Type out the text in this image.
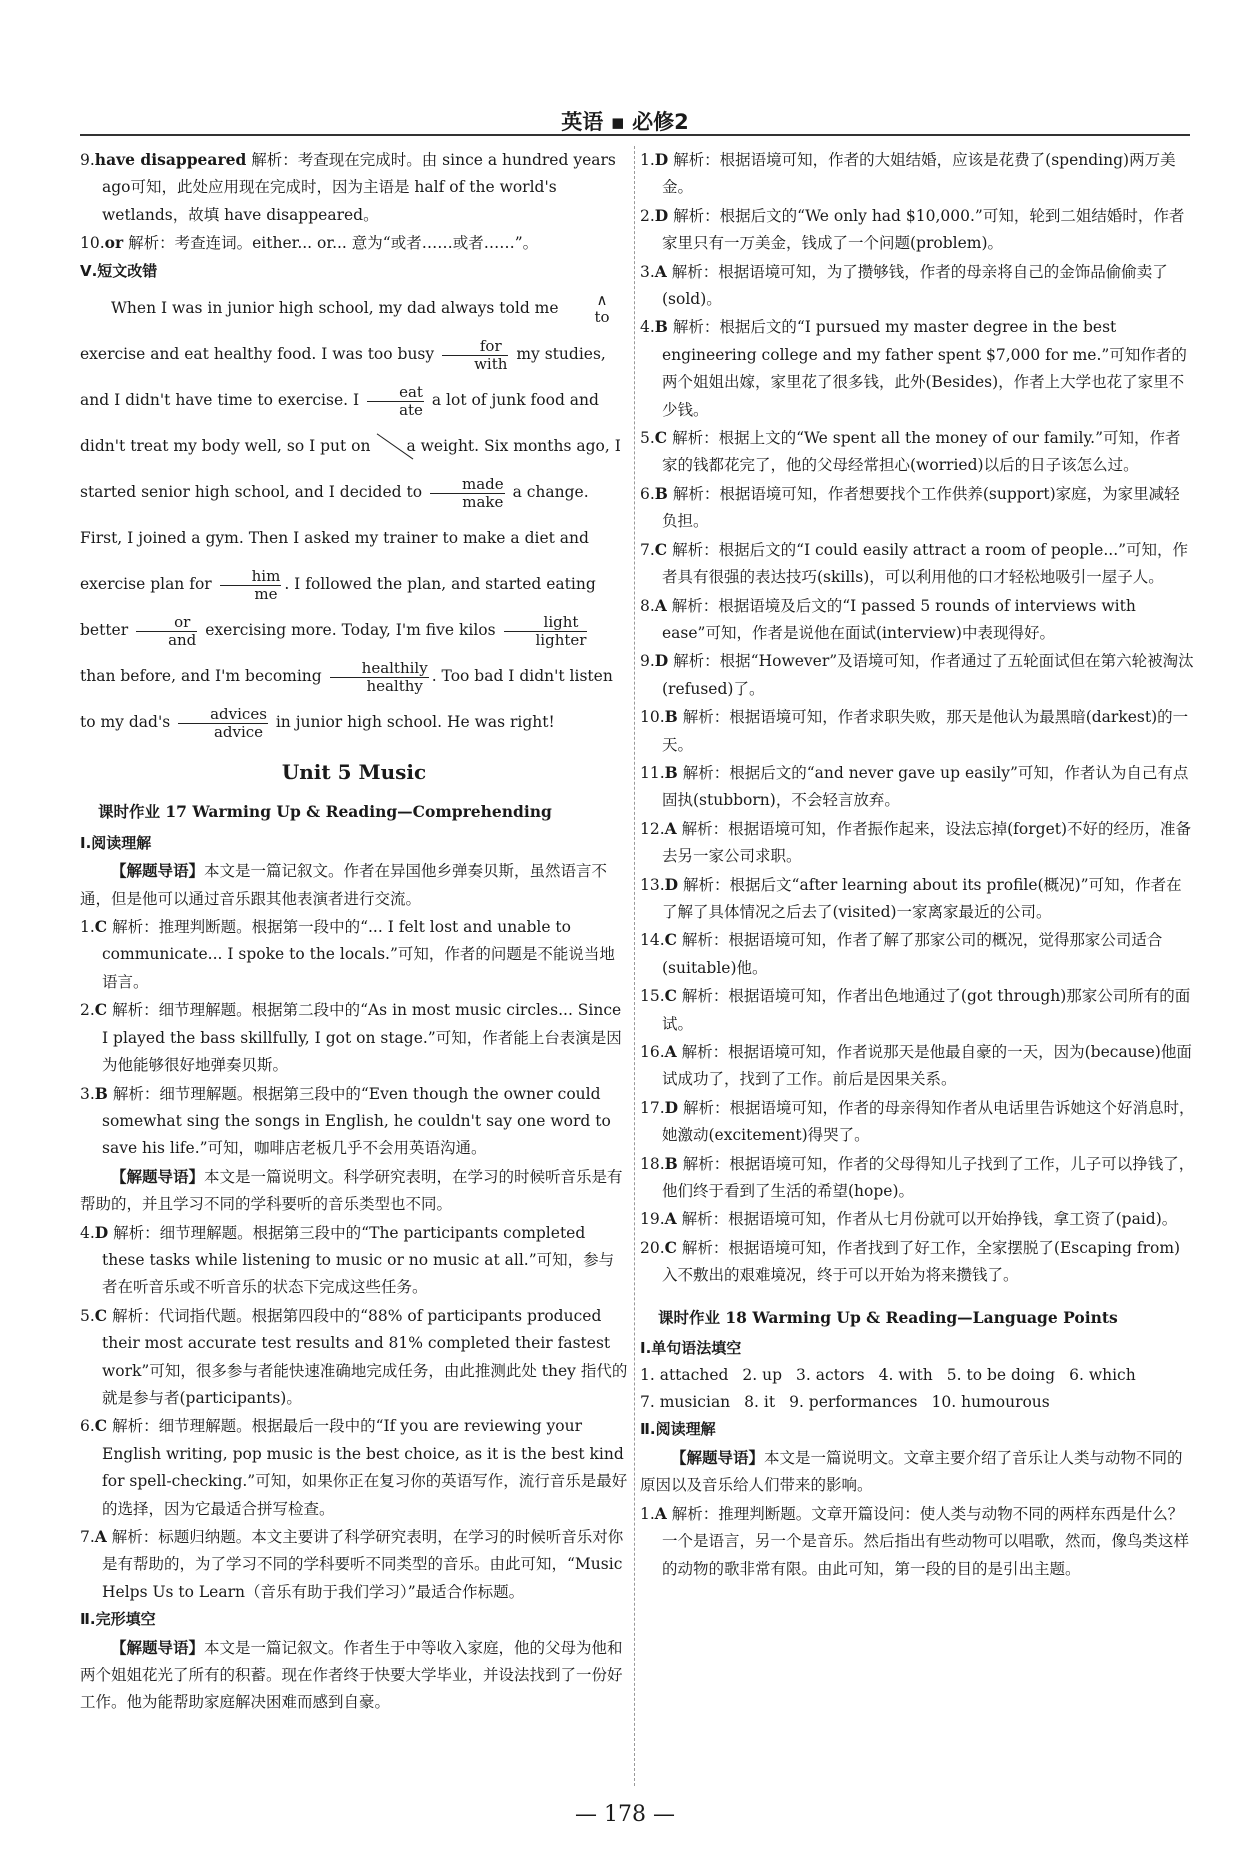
英语 ▪ 必修2

9.have disappeared 解析：考查现在完成时。由 since a hundred years ago可知，此处应用现在完成时，因为主语是 half of the world's wetlands，故填 have disappeared。

10.or 解析：考查连词。either... or... 意为“或者……或者……”。

Ⅴ.短文改错

When I was in junior high school, my dad always told me	∧
to
exercise and eat healthy food. I was too busy $\frac{\text{for}}{\text{with}}$ my studies, and I didn't have time to exercise. I $\frac{\text{eat}}{\text{ate}}$ a lot of junk food and didn't treat my body well, so I put on a weight. Six months ago, I started senior high school, and I decided to $\frac{\text{made}}{\text{make}}$ a change. First, I joined a gym. Then I asked my trainer to make a diet and exercise plan for $\frac{\text{him}}{me}$ . I followed the plan, and started eating better $\frac{or}{\text{and}}$ exercising more. Today, I'm five kilos $\frac{\text{light}}{\text{lighter}}$
than before, and I'm becoming $\frac{\text{healthily}}{\text{healthy}}$ . Too bad I didn't listen to my $dad's \frac{\text{advices}}{\text{advice}}$ in junior high school. He was right!

Unit 5 Music

课时作业 17 Warming Up & Reading—Comprehending

Ⅰ.阅读理解

【解题导语】本文是一篇记叙文。作者在异国他乡弹奏贝斯，虽然语言不通，但是他可以通过音乐跟其他表演者进行交流。

1.C 解析：推理判断题。根据第一段中的“... I felt lost and unable to communicate... I spoke to the locals.”可知，作者的问题是不能说当地语言。

2.C 解析：细节理解题。根据第二段中的“As in most music circles... Since I played the bass skillfully, I got on stage.”可知，作者能上台表演是因为他能够很好地弹奏贝斯。

3.B 解析：细节理解题。根据第三段中的“Even though the owner could somewhat sing the songs in English, he couldn't say one word to save his life.”可知，咖啡店老板几乎不会用英语沟通。

【解题导语】本文是一篇说明文。科学研究表明，在学习的时候听音乐是有帮助的，并且学习不同的学科要听的音乐类型也不同。

4.D 解析：细节理解题。根据第三段中的“The participants completed these tasks while listening to music or no music at all.”可知，参与者在听音乐或不听音乐的状态下完成这些任务。

5.C 解析：代词指代题。根据第四段中的“88% of participants produced their most accurate test results and 81% completed their fastest work”可知，很多参与者能快速准确地完成任务，由此推测此处 they 指代的就是参与者(participants)。

6.C 解析：细节理解题。根据最后一段中的“If you are reviewing your English writing, pop music is the best choice, as it is the best kind for spell-checking.”可知，如果你正在复习你的英语写作，流行音乐是最好的选择，因为它最适合拼写检查。

7.A 解析：标题归纳题。本文主要讲了科学研究表明，在学习的时候听音乐对你是有帮助的，为了学习不同的学科要听不同类型的音乐。由此可知，“Music Helps Us to Learn（音乐有助于我们学习）”最适合作标题。

Ⅱ.完形填空

【解题导语】本文是一篇记叙文。作者生于中等收入家庭，他的父母为他和两个姐姐花光了所有的积蓄。现在作者终于快要大学毕业，并设法找到了一份好工作。他为能帮助家庭解决困难而感到自豪。

1.D 解析：根据语境可知，作者的大姐结婚，应该是花费了(spending)两万美金。

2.D 解析：根据后文的“We only had $10,000.”可知，轮到二姐结婚时，作者家里只有一万美金，钱成了一个问题(problem)。

3.A 解析：根据语境可知，为了攒够钱，作者的母亲将自己的金饰品偷偷卖了(sold)。

4.B 解析：根据后文的“I pursued my master degree in the best engineering college and my father spent $7,000 for me.”可知作者的两个姐姐出嫁，家里花了很多钱，此外(Besides)，作者上大学也花了家里不少钱。

5.C 解析：根据上文的“We spent all the money of our family.”可知，作者家的钱都花完了，他的父母经常担心(worried)以后的日子该怎么过。

6.B 解析：根据语境可知，作者想要找个工作供养(support)家庭，为家里减轻负担。

7.C 解析：根据后文的“I could easily attract a room of people...”可知，作者具有很强的表达技巧(skills)，可以利用他的口才轻松地吸引一屋子人。

8.A 解析：根据语境及后文的“I passed 5 rounds of interviews with ease”可知，作者是说他在面试(interview)中表现得好。

9.D 解析：根据“However”及语境可知，作者通过了五轮面试但在第六轮被淘汰(refused)了。

10.B 解析：根据语境可知，作者求职失败，那天是他认为最黑暗(darkest)的一天。

11.B 解析：根据后文的“and never gave up easily”可知，作者认为自己有点固执(stubborn)，不会轻言放弃。

12.A 解析：根据语境可知，作者振作起来，设法忘掉(forget)不好的经历，准备去另一家公司求职。

13.D 解析：根据后文“after learning about its profile(概况)”可知，作者在了解了具体情况之后去了(visited)一家离家最近的公司。

14.C 解析：根据语境可知，作者了解了那家公司的概况，觉得那家公司适合(suitable)他。

15.C 解析：根据语境可知，作者出色地通过了(got through)那家公司所有的面试。

16.A 解析：根据语境可知，作者说那天是他最自豪的一天，因为(because)他面试成功了，找到了工作。前后是因果关系。

17.D 解析：根据语境可知，作者的母亲得知作者从电话里告诉她这个好消息时，她激动(excitement)得哭了。

18.B 解析：根据语境可知，作者的父母得知儿子找到了工作，儿子可以挣钱了，他们终于看到了生活的希望(hope)。

19.A 解析：根据语境可知，作者从七月份就可以开始挣钱，拿工资了(paid)。

20.C 解析：根据语境可知，作者找到了好工作，全家摆脱了(Escaping from)入不敷出的艰难境况，终于可以开始为将来攒钱了。

课时作业 18 Warming Up & Reading—Language Points

Ⅰ.单句语法填空

1. attached 2. up 3. actors 4. with 5. to be doing 6. which

7. musician 8. it 9. performances 10. humourous

Ⅱ.阅读理解

【解题导语】本文是一篇说明文。文章主要介绍了音乐让人类与动物不同的原因以及音乐给人们带来的影响。

1.A 解析：推理判断题。文章开篇设问：使人类与动物不同的两样东西是什么？一个是语言，另一个是音乐。然后指出有些动物可以唱歌，然而，像鸟类这样的动物的歌非常有限。由此可知，第一段的目的是引出主题。

— 178 —
